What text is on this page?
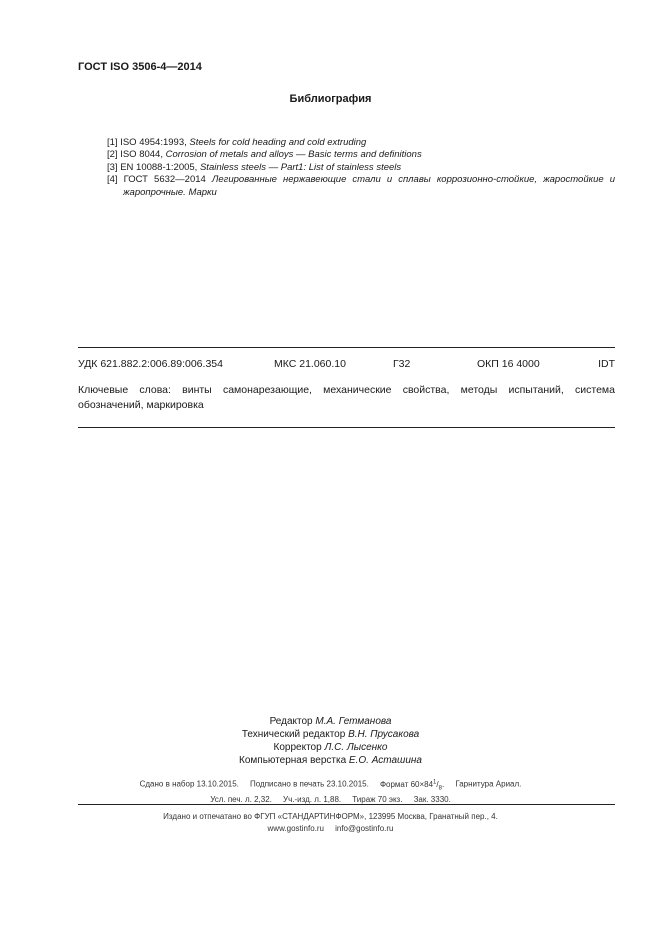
ГОСТ ISO 3506-4—2014
Библиография
[1] ISO 4954:1993, Steels for cold heading and cold extruding
[2] ISO 8044, Corrosion of metals and alloys — Basic terms and definitions
[3] EN 10088-1:2005, Stainless steels — Part1: List of stainless steels
[4] ГОСТ 5632—2014 Легированные нержавеющие стали и сплавы коррозионно-стойкие, жаростойкие и жаропрочные. Марки
УДК 621.882.2:006.89:006.354	МКС 21.060.10	Г32	ОКП 16 4000	IDT
Ключевые слова: винты самонарезающие, механические свойства, методы испытаний, система обозначений, маркировка
Редактор М.А. Гетманова
Технический редактор В.Н. Прусакова
Корректор Л.С. Лысенко
Компьютерная верстка Е.О. Асташина
Сдано в набор 13.10.2015. Подписано в печать 23.10.2015. Формат $60\times 84^1/_8$. Гарнитура Ариал.
Усл. печ. л. 2,32. Уч.-изд. л. 1,88. Тираж 70 экз. Зак. 3330.
Издано и отпечатано во ФГУП «СТАНДАРТИНФОРМ», 123995 Москва, Гранатный пер., 4.
www.gostinfo.ru info@gostinfo.ru
